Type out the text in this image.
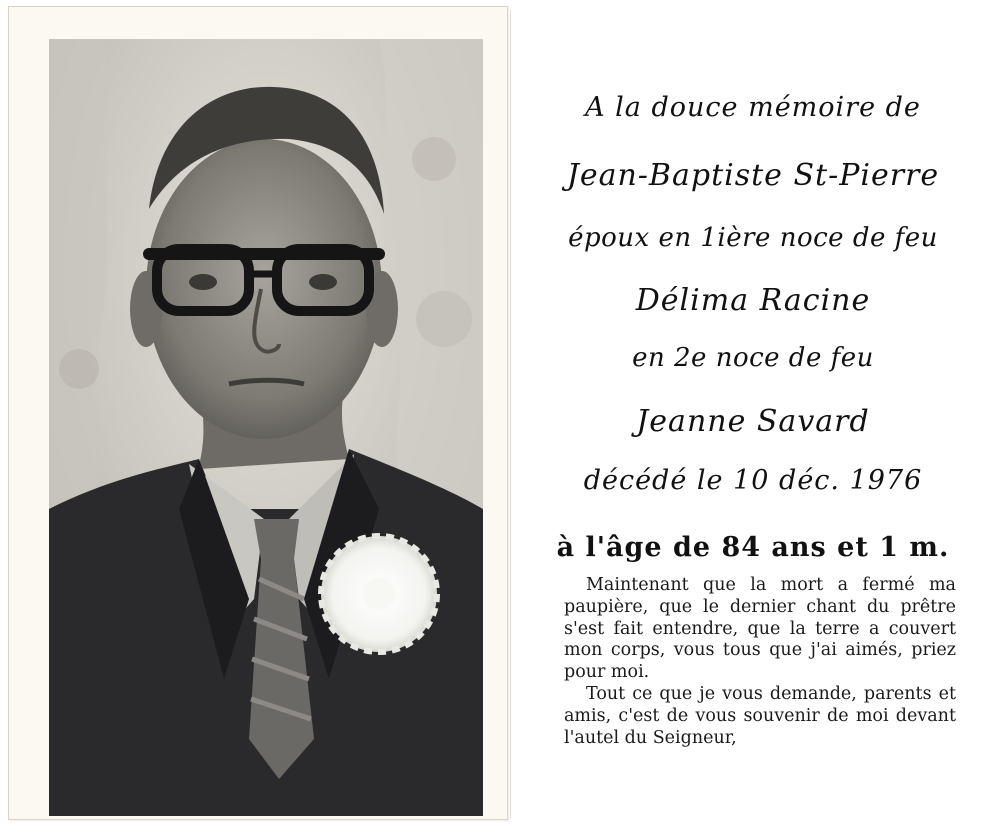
A la douce mémoire de
Jean-Baptiste St-Pierre
époux en 1ière noce de feu
Délima Racine
en 2e noce de feu
Jeanne Savard
décédé le 10 déc. 1976
à l'âge de 84 ans et 1 m.

Maintenant que la mort a fermé ma paupière, que le dernier chant du prêtre s'est fait entendre, que la terre a couvert mon corps, vous tous que j'ai aimés, priez pour moi.

Tout ce que je vous demande, parents et amis, c'est de vous souvenir de moi devant l'autel du Seigneur,
